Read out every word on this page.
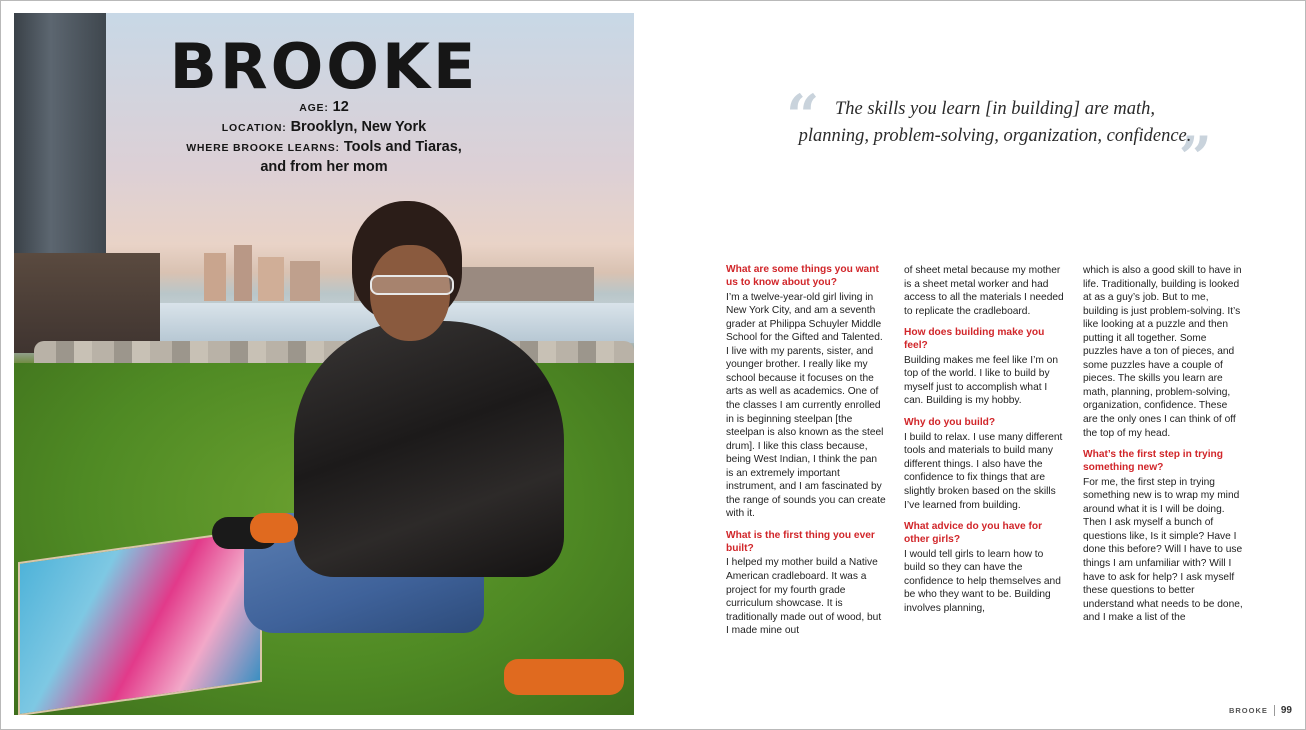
BROOKE
AGE: 12
LOCATION: Brooklyn, New York
WHERE BROOKE LEARNS: Tools and Tiaras,
and from her mom
“
”

The skills you learn [in building] are math,
planning, problem-solving, organization, confidence.

What are some things you want us to know about you?

I’m a twelve-year-old girl living in New York City, and am a seventh grader at Philippa Schuyler Middle School for the Gifted and Talented. I live with my parents, sister, and younger brother. I really like my school because it focuses on the arts as well as academics. One of the classes I am currently enrolled in is beginning steelpan [the steelpan is also known as the steel drum]. I like this class because, being West Indian, I think the pan is an extremely important instrument, and I am fascinated by the range of sounds you can create with it.

What is the first thing you ever built?

I helped my mother build a Native American cradleboard. It was a project for my fourth grade curriculum showcase. It is traditionally made out of wood, but I made mine out

of sheet metal because my mother is a sheet metal worker and had access to all the materials I needed to replicate the cradleboard.

How does building make you feel?

Building makes me feel like I’m on top of the world. I like to build by myself just to accomplish what I can. Building is my hobby.

Why do you build?

I build to relax. I use many different tools and materials to build many different things. I also have the confidence to fix things that are slightly broken based on the skills I’ve learned from building.

What advice do you have for other girls?

I would tell girls to learn how to build so they can have the confidence to help themselves and be who they want to be. Building involves planning,

which is also a good skill to have in life. Traditionally, building is looked at as a guy’s job. But to me, building is just problem-solving. It’s like looking at a puzzle and then putting it all together. Some puzzles have a ton of pieces, and some puzzles have a couple of pieces. The skills you learn are math, planning, problem-solving, organization, confidence. These are the only ones I can think of off the top of my head.

What’s the first step in trying something new?

For me, the first step in trying something new is to wrap my mind around what it is I will be doing. Then I ask myself a bunch of questions like, Is it simple? Have I done this before? Will I have to use things I am unfamiliar with? Will I have to ask for help? I ask myself these questions to better understand what needs to be done, and I make a list of the

BROOKE 99
